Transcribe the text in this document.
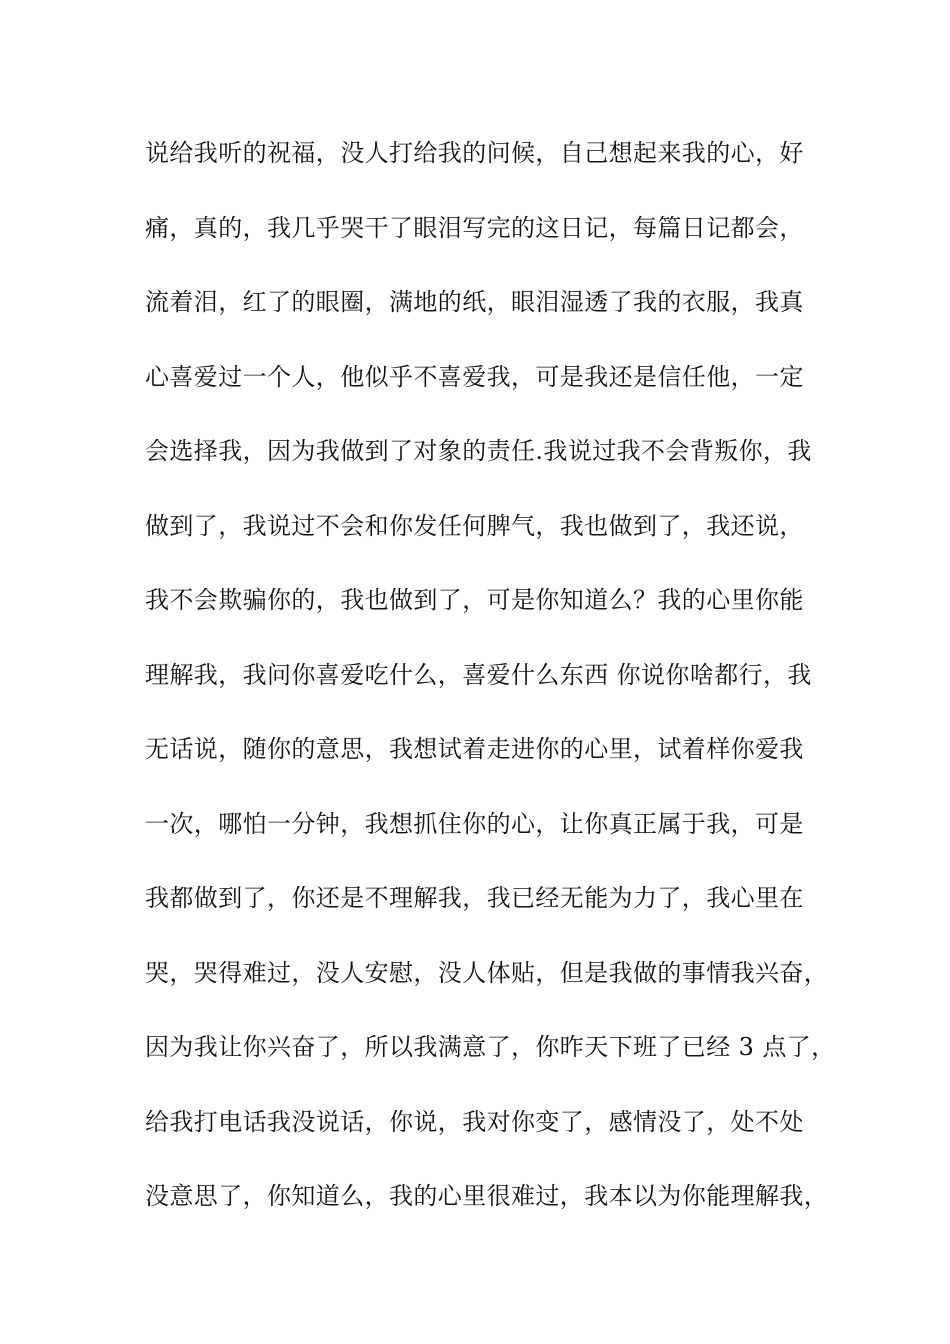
说给我听的祝福，没人打给我的问候，自己想起来我的心，好
痛，真的，我几乎哭干了眼泪写完的这日记，每篇日记都会，
流着泪，红了的眼圈，满地的纸，眼泪湿透了我的衣服，我真
心喜爱过一个人，他似乎不喜爱我，可是我还是信任他，一定
会选择我，因为我做到了对象的责任.我说过我不会背叛你，我
做到了，我说过不会和你发任何脾气，我也做到了，我还说，
我不会欺骗你的，我也做到了，可是你知道么？我的心里你能
理解我，我问你喜爱吃什么，喜爱什么东西 你说你啥都行，我
无话说，随你的意思，我想试着走进你的心里，试着样你爱我
一次，哪怕一分钟，我想抓住你的心，让你真正属于我，可是
我都做到了，你还是不理解我，我已经无能为力了，我心里在
哭，哭得难过，没人安慰，没人体贴，但是我做的事情我兴奋，
因为我让你兴奋了，所以我满意了，你昨天下班了已经 3 点了，
给我打电话我没说话，你说，我对你变了，感情没了，处不处
没意思了，你知道么，我的心里很难过，我本以为你能理解我，
